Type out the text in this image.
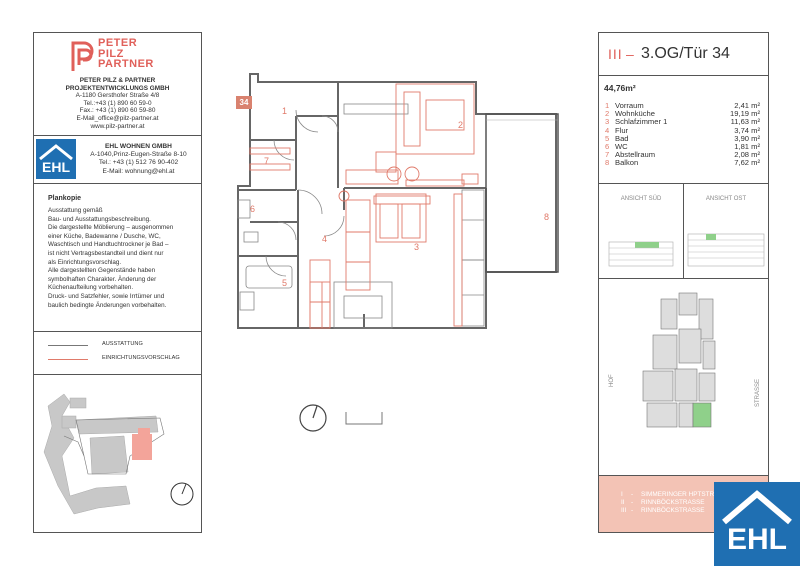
PETER
PILZ
PARTNER
PETER PILZ & PARTNER
PROJEKTENTWICKLUNGS GMBH
A-1180 Gersthofer Straße 4/8
Tel.:+43 (1) 890 60 59-0
Fax.: +43 (1) 890 60 59-80
E-Mail_office@pilz-partner.at
www.pilz-partner.at
EHL
EHL WOHNEN GMBH
A-1040,Prinz-Eugen-Straße 8-10
Tel.: +43 (1) 512 76 90-402
E-Mail: wohnung@ehl.at
Plankopie
Ausstattung gemäß
Bau- und Ausstattungsbeschreibung.
Die dargestellte Möblierung – ausgenommen
einer Küche, Badewanne / Dusche, WC,
Waschtisch und Handtuchtrockner je Bad –
ist nicht Vertragsbestandteil und dient nur
als Einrichtungsvorschlag.
Alle dargestellten Gegenstände haben
symbolhaften Charakter. Änderung der
Küchenaufteilung vorbehalten.
Druck- und Satzfehler, sowie Irrtümer und
baulich bedingte Änderungen vorbehalten.
AUSSTATTUNG
EINRICHTUNGSVORSCHLAG
1
2
3
4
5
6
7
8
34
III – 3.OG/Tür 34
44,76m²
1 Vorraum	2,41 m²
2 Wohnküche	19,19 m²
3 Schlafzimmer 1	11,63 m²
4 Flur	3,74 m²
5 Bad	3,90 m²
6 WC	1,81 m²
7 Abstellraum	2,08 m²
8 Balkon	7,62 m²
ANSICHT SÜD	ANSICHT OST
HOF	STRASSE
I - SIMMERINGER HPTSTR
II - RINNBÖCKSTRASSE
III - RINNBÖCKSTRASSE
EHL
